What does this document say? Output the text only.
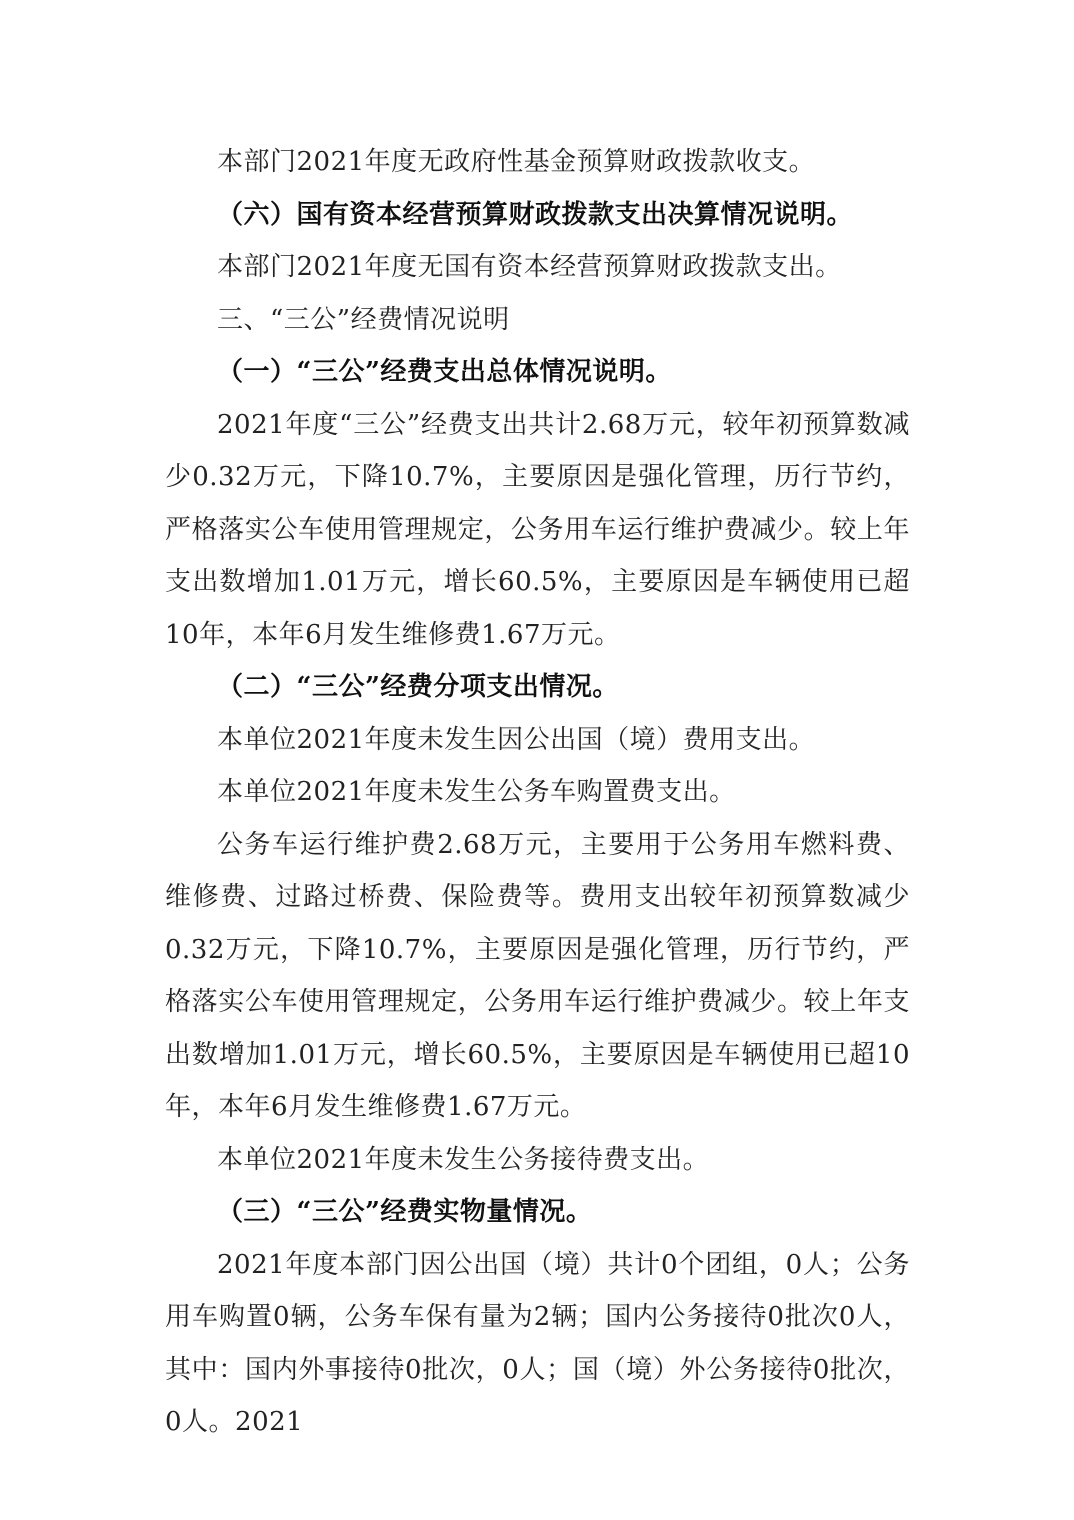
本部门2021年度无政府性基金预算财政拨款收支。

（六）国有资本经营预算财政拨款支出决算情况说明。

本部门2021年度无国有资本经营预算财政拨款支出。

三、“三公”经费情况说明

（一）“三公”经费支出总体情况说明。

2021年度“三公”经费支出共计2.68万元，较年初预算数减少0.32万元，下降10.7%，主要原因是强化管理，历行节约，严格落实公车使用管理规定，公务用车运行维护费减少。较上年支出数增加1.01万元，增长60.5%，主要原因是车辆使用已超10年，本年6月发生维修费1.67万元。

（二）“三公”经费分项支出情况。

本单位2021年度未发生因公出国（境）费用支出。

本单位2021年度未发生公务车购置费支出。

公务车运行维护费2.68万元，主要用于公务用车燃料费、维修费、过路过桥费、保险费等。费用支出较年初预算数减少0.32万元，下降10.7%，主要原因是强化管理，历行节约，严格落实公车使用管理规定，公务用车运行维护费减少。较上年支出数增加1.01万元，增长60.5%，主要原因是车辆使用已超10年，本年6月发生维修费1.67万元。

本单位2021年度未发生公务接待费支出。

（三）“三公”经费实物量情况。

2021年度本部门因公出国（境）共计0个团组，0人；公务用车购置0辆，公务车保有量为2辆；国内公务接待0批次0人，其中：国内外事接待0批次，0人；国（境）外公务接待0批次，0人。2021
